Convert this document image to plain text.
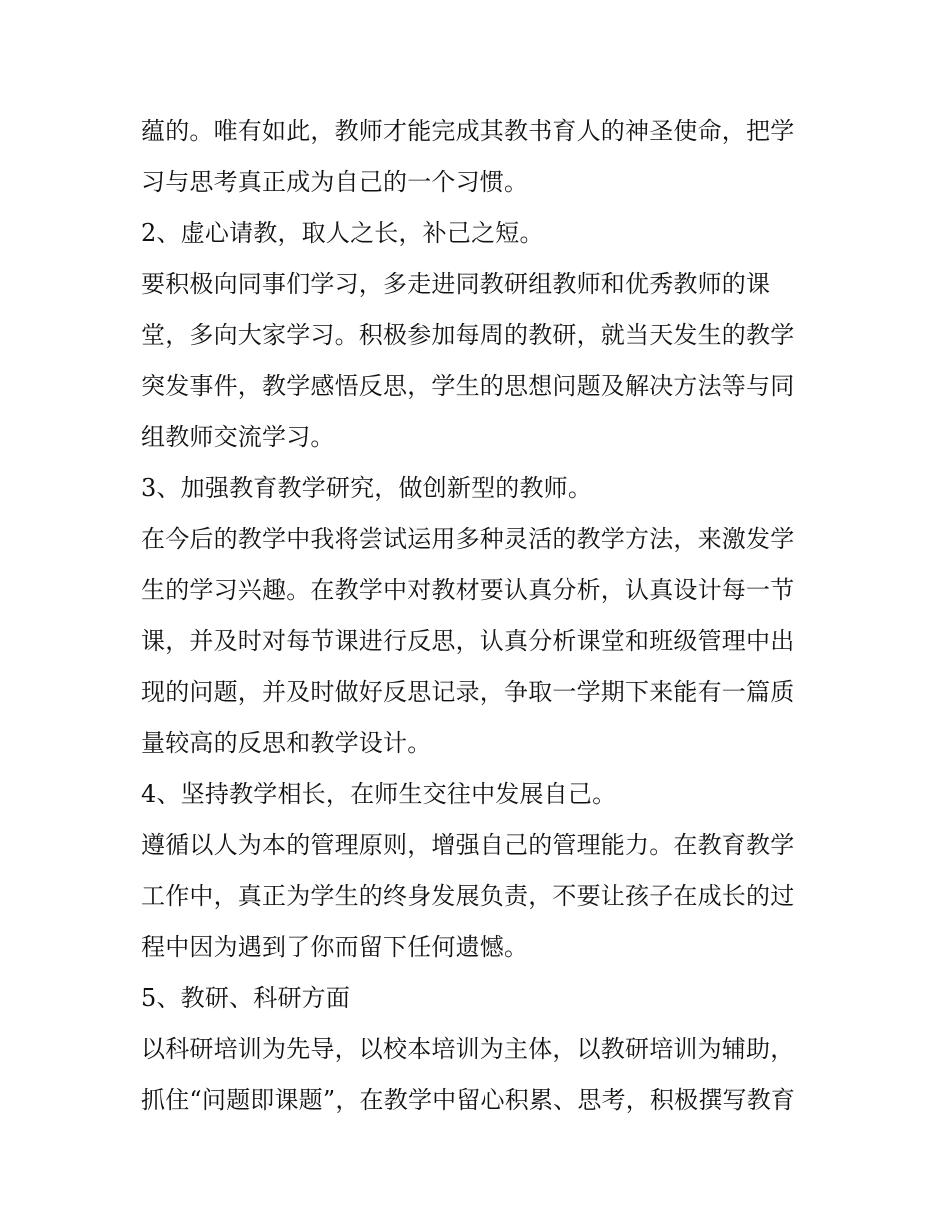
蕴的。唯有如此，教师才能完成其教书育人的神圣使命，把学
习与思考真正成为自己的一个习惯。
2、虚心请教，取人之长，补己之短。
要积极向同事们学习，多走进同教研组教师和优秀教师的课
堂，多向大家学习。积极参加每周的教研，就当天发生的教学
突发事件，教学感悟反思，学生的思想问题及解决方法等与同
组教师交流学习。
3、加强教育教学研究，做创新型的教师。
在今后的教学中我将尝试运用多种灵活的教学方法，来激发学
生的学习兴趣。在教学中对教材要认真分析，认真设计每一节
课，并及时对每节课进行反思，认真分析课堂和班级管理中出
现的问题，并及时做好反思记录，争取一学期下来能有一篇质
量较高的反思和教学设计。
4、坚持教学相长，在师生交往中发展自己。
遵循以人为本的管理原则，增强自己的管理能力。在教育教学
工作中，真正为学生的终身发展负责，不要让孩子在成长的过
程中因为遇到了你而留下任何遗憾。
5、教研、科研方面
以科研培训为先导，以校本培训为主体，以教研培训为辅助，
抓住“问题即课题”，在教学中留心积累、思考，积极撰写教育
